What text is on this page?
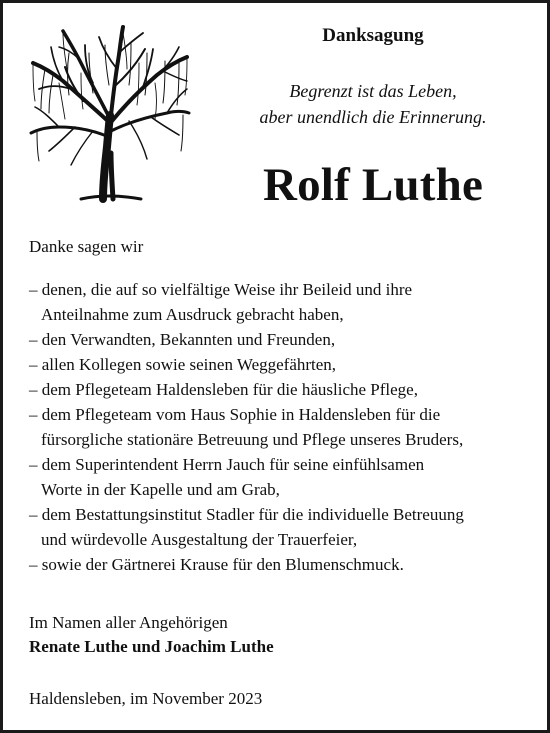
Danksagung
Begrenzt ist das Leben,
aber unendlich die Erinnerung.
Rolf Luthe
Danke sagen wir
– denen, die auf so vielfältige Weise ihr Beileid und ihre
Anteilnahme zum Ausdruck gebracht haben,
– den Verwandten, Bekannten und Freunden,
– allen Kollegen sowie seinen Weggefährten,
– dem Pflegeteam Haldensleben für die häusliche Pflege,
– dem Pflegeteam vom Haus Sophie in Haldensleben für die
fürsorgliche stationäre Betreuung und Pflege unseres Bruders,
– dem Superintendent Herrn Jauch für seine einfühlsamen
Worte in der Kapelle und am Grab,
– dem Bestattungsinstitut Stadler für die individuelle Betreuung
und würdevolle Ausgestaltung der Trauerfeier,
– sowie der Gärtnerei Krause für den Blumenschmuck.
Im Namen aller Angehörigen
Renate Luthe und Joachim Luthe
Haldensleben, im November 2023
